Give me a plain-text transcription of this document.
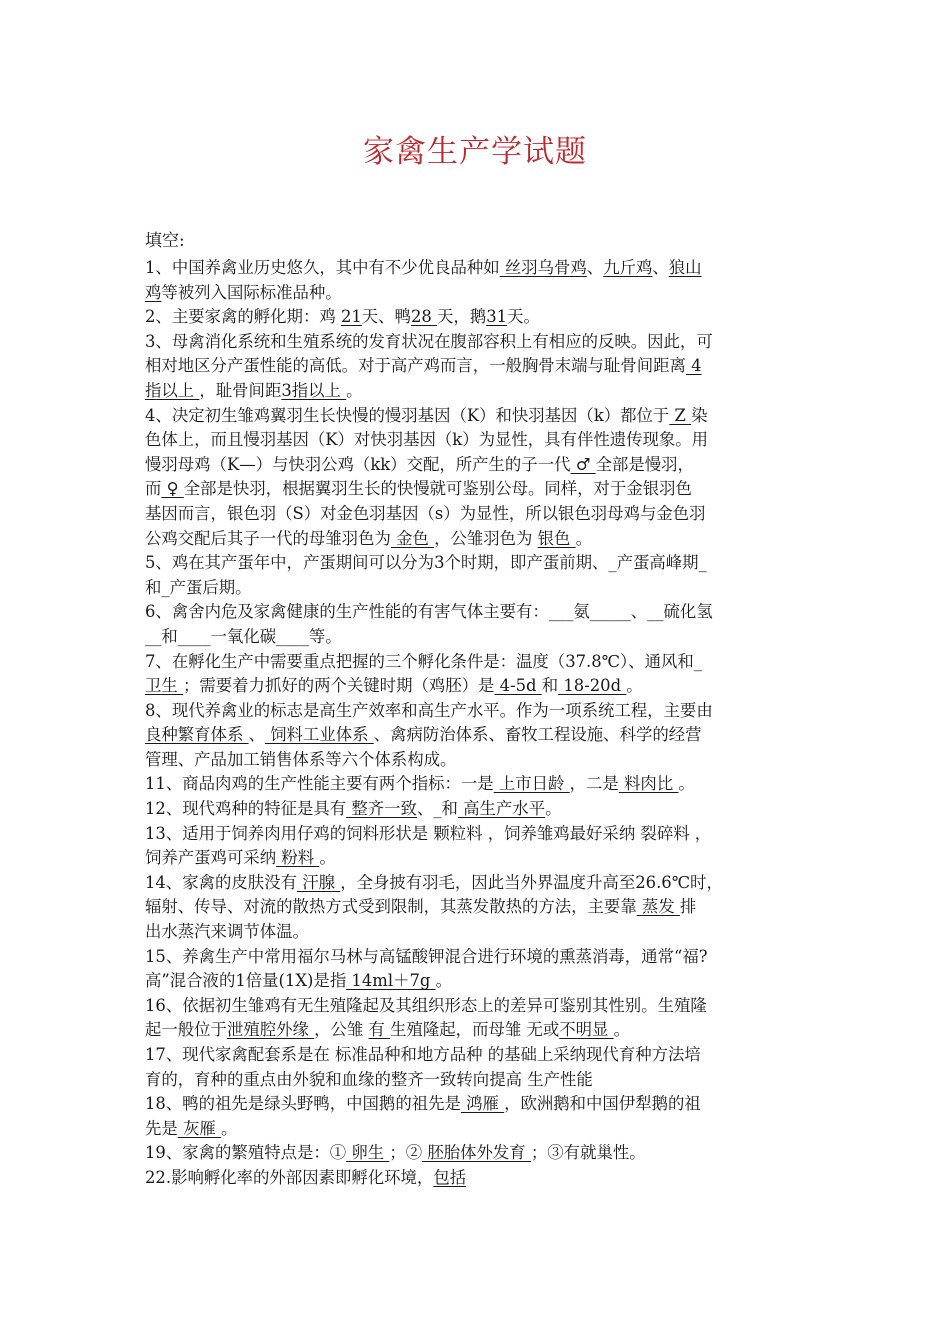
家禽生产学试题
填空:
1、中国养禽业历史悠久，其中有不少优良品种如 丝羽乌骨鸡、九斤鸡、狼山
鸡等被列入国际标准品种。
2、主要家禽的孵化期：鸡 21天、鸭28 天，鹅31天。
3、母禽消化系统和生殖系统的发育状况在腹部容积上有相应的反映。因此，可
相对地区分产蛋性能的高低。对于高产鸡而言，一般胸骨末端与耻骨间距离 4
指以上 ，耻骨间距3指以上 。
4、决定初生雏鸡翼羽生长快慢的慢羽基因（K）和快羽基因（k）都位于 Z 染
色体上，而且慢羽基因（K）对快羽基因（k）为显性，具有伴性遗传现象。用
慢羽母鸡（K—）与快羽公鸡（kk）交配，所产生的子一代 ♂ 全部是慢羽，
而 ♀ 全部是快羽，根据翼羽生长的快慢就可鉴别公母。同样，对于金银羽色
基因而言，银色羽（S）对金色羽基因（s）为显性，所以银色羽母鸡与金色羽
公鸡交配后其子一代的母雏羽色为 金色 ，公雏羽色为 银色 。
5、鸡在其产蛋年中，产蛋期间可以分为3个时期，即产蛋前期、_产蛋高峰期_
和_产蛋后期。
6、禽舍内危及家禽健康的生产性能的有害气体主要有：___氨_____、__硫化氢
__和____一氧化碳____等。
7、在孵化生产中需要重点把握的三个孵化条件是：温度（37.8℃）、通风和_
卫生 ；需要着力抓好的两个关键时期（鸡胚）是 4-5d 和 18-20d 。
8、现代养禽业的标志是高生产效率和高生产水平。作为一项系统工程，主要由
良种繁育体系 、 饲料工业体系 、禽病防治体系、畜牧工程设施、科学的经营
管理、产品加工销售体系等六个体系构成。
11、商品肉鸡的生产性能主要有两个指标：一是 上市日龄 ，二是 料肉比 。
12、现代鸡种的特征是具有 整齐一致、_和 高生产水平。
13、适用于饲养肉用仔鸡的饲料形状是 颗粒料 ，饲养雏鸡最好采纳 裂碎料 ，
饲养产蛋鸡可采纳 粉料 。
14、家禽的皮肤没有 汗腺 ，全身披有羽毛，因此当外界温度升高至26.6℃时，
辐射、传导、对流的散热方式受到限制，其蒸发散热的方法，主要靠 蒸发 排
出水蒸汽来调节体温。
15、养禽生产中常用福尔马林与高锰酸钾混合进行环境的熏蒸消毒，通常“福?
高”混合液的1倍量(1X)是指 14ml＋7g 。
16、依据初生雏鸡有无生殖隆起及其组织形态上的差异可鉴别其性别。生殖隆
起一般位于泄殖腔外缘 ，公雏 有 生殖隆起，而母雏 无或不明显 。
17、现代家禽配套系是在 标准品种和地方品种 的基础上采纳现代育种方法培
育的，育种的重点由外貌和血缘的整齐一致转向提高 生产性能
18、鸭的祖先是绿头野鸭，中国鹅的祖先是 鸿雁 ，欧洲鹅和中国伊犁鹅的祖
先是 灰雁 。
19、家禽的繁殖特点是：① 卵生 ；② 胚胎体外发育 ；③有就巢性。
22.影响孵化率的外部因素即孵化环境，包括
